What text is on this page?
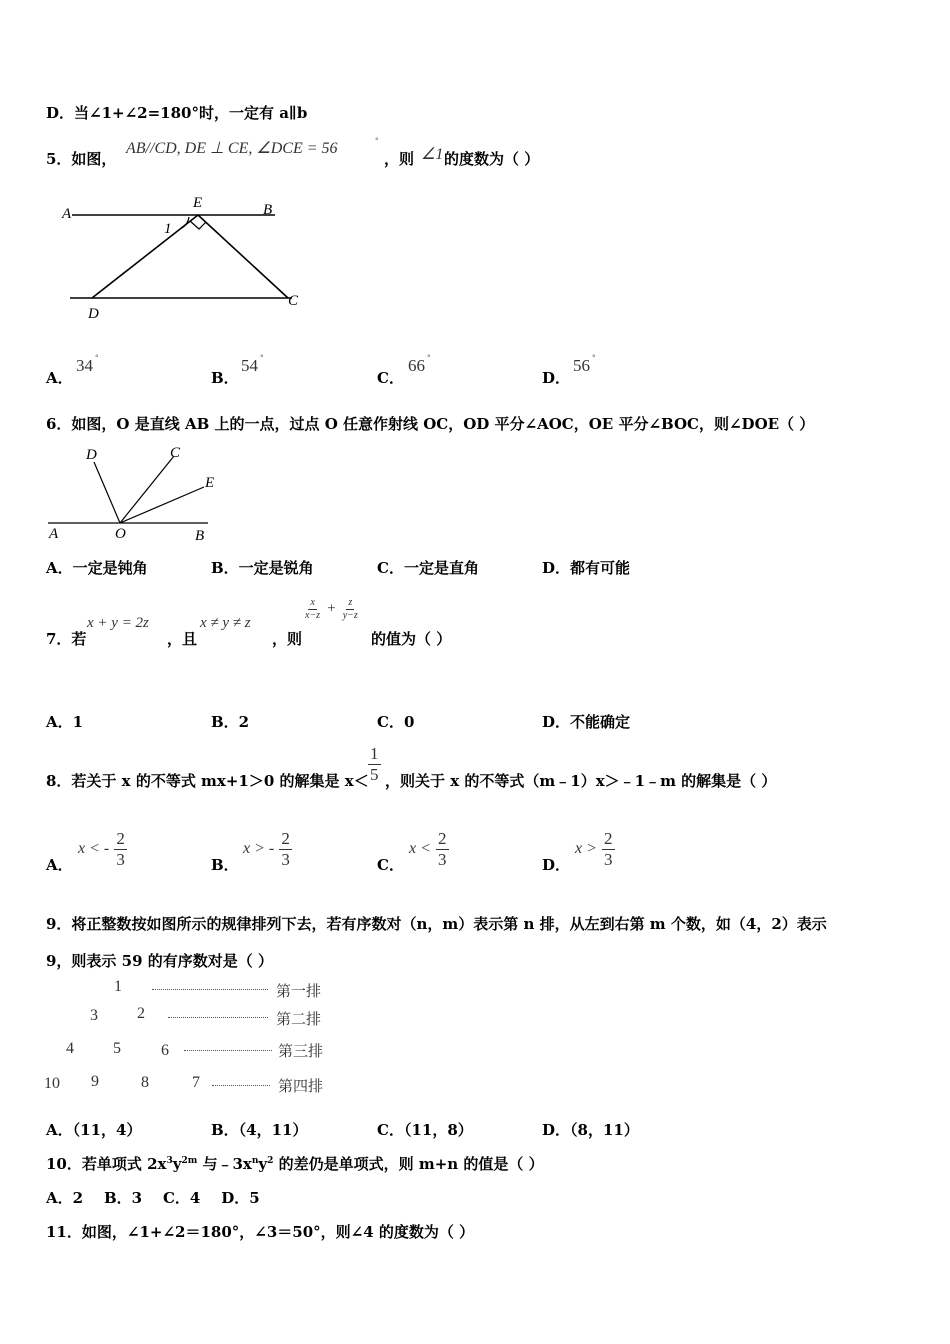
D．当∠1+∠2=180°时，一定有 a∥b
5．如图，
AB//CD, DE ⊥ CE, ∠DCE = 56	°
，则 ∠1 的度数为（ ）
A
E	B
1
D
C
A．
34 °
B．
54 °
C．
66 °
D．
56 °
6．如图，O 是直线 AB 上的一点，过点 O 任意作射线 OC，OD 平分∠AOC，OE 平分∠BOC，则∠DOE（ ）
D	C
E
A	O	B
A．一定是钝角	B．一定是锐角	C．一定是直角	D．都有可能
7．若
x + y = 2z
，且
x ≠ y ≠ z
，则
$\frac{x}{x-z} + \frac{z}{y-z}$
的值为（ ）
A．1	B．2	C．0	D．不能确定
8．若关于 x 的不等式 mx+1＞0 的解集是 $x< \frac{1}{5}$ ，则关于 x 的不等式（m﹣1）x＞﹣1﹣m 的解集是（ ）
A．
x < - $\frac{2}{3}$	B．
x > - $\frac{2}{3}$	C．
$x < \frac{2}{3}$	D．
$x > \frac{2}{3}$
9．将正整数按如图所示的规律排列下去，若有序数对（n，m）表示第 n 排，从左到右第 m 个数，如（4，2）表示
9，则表示 59 的有序数对是（ ）
1	第一排
3 2	第二排
4 5	6	第三排
10 9	8	7	第四排
A．（11，4）	B．（4，11）	C．（11，8）	D．（8，11）
10．若单项式 $2x^3y^{2m}$ 与$﹣3x^ny^2$ 的差仍是单项式，则 m+n 的值是（ ）
A．2    B．3    C．4    D．5
11．如图，∠1+∠2＝180°，∠3＝50°，则∠4 的度数为（ ）
